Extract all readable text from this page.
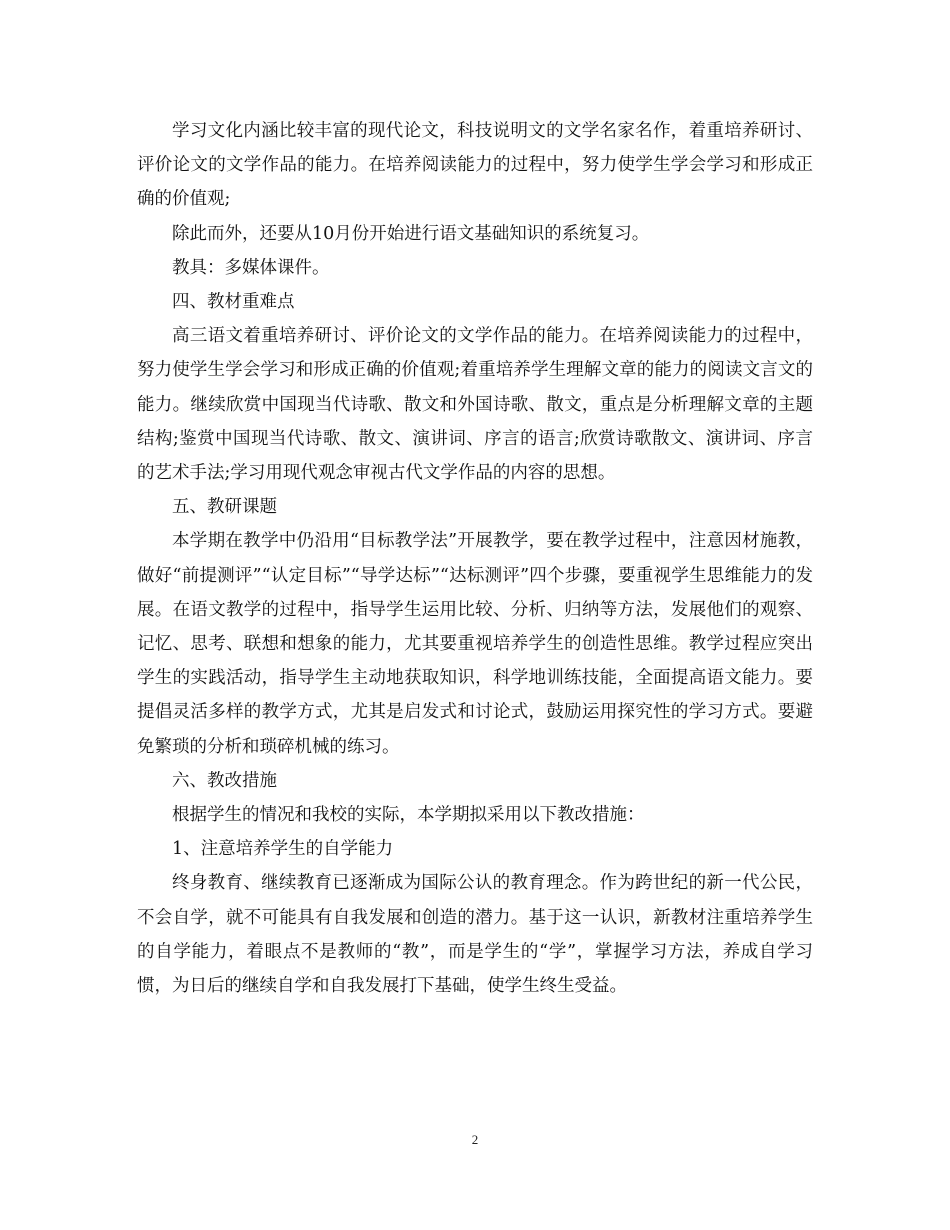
学习文化内涵比较丰富的现代论文，科技说明文的文学名家名作，着重培养研讨、评价论文的文学作品的能力。在培养阅读能力的过程中，努力使学生学会学习和形成正确的价值观;

除此而外，还要从10月份开始进行语文基础知识的系统复习。

教具：多媒体课件。

四、教材重难点

高三语文着重培养研讨、评价论文的文学作品的能力。在培养阅读能力的过程中，努力使学生学会学习和形成正确的价值观;着重培养学生理解文章的能力的阅读文言文的能力。继续欣赏中国现当代诗歌、散文和外国诗歌、散文，重点是分析理解文章的主题结构;鉴赏中国现当代诗歌、散文、演讲词、序言的语言;欣赏诗歌散文、演讲词、序言的艺术手法;学习用现代观念审视古代文学作品的内容的思想。

五、教研课题

本学期在教学中仍沿用“目标教学法”开展教学，要在教学过程中，注意因材施教，做好“前提测评”“认定目标”“导学达标”“达标测评”四个步骤，要重视学生思维能力的发展。在语文教学的过程中，指导学生运用比较、分析、归纳等方法，发展他们的观察、记忆、思考、联想和想象的能力，尤其要重视培养学生的创造性思维。教学过程应突出学生的实践活动，指导学生主动地获取知识，科学地训练技能，全面提高语文能力。要提倡灵活多样的教学方式，尤其是启发式和讨论式，鼓励运用探究性的学习方式。要避免繁琐的分析和琐碎机械的练习。

六、教改措施

根据学生的情况和我校的实际，本学期拟采用以下教改措施：

1、注意培养学生的自学能力

终身教育、继续教育已逐渐成为国际公认的教育理念。作为跨世纪的新一代公民，不会自学，就不可能具有自我发展和创造的潜力。基于这一认识，新教材注重培养学生的自学能力，着眼点不是教师的“教”，而是学生的“学”，掌握学习方法，养成自学习惯，为日后的继续自学和自我发展打下基础，使学生终生受益。

2
